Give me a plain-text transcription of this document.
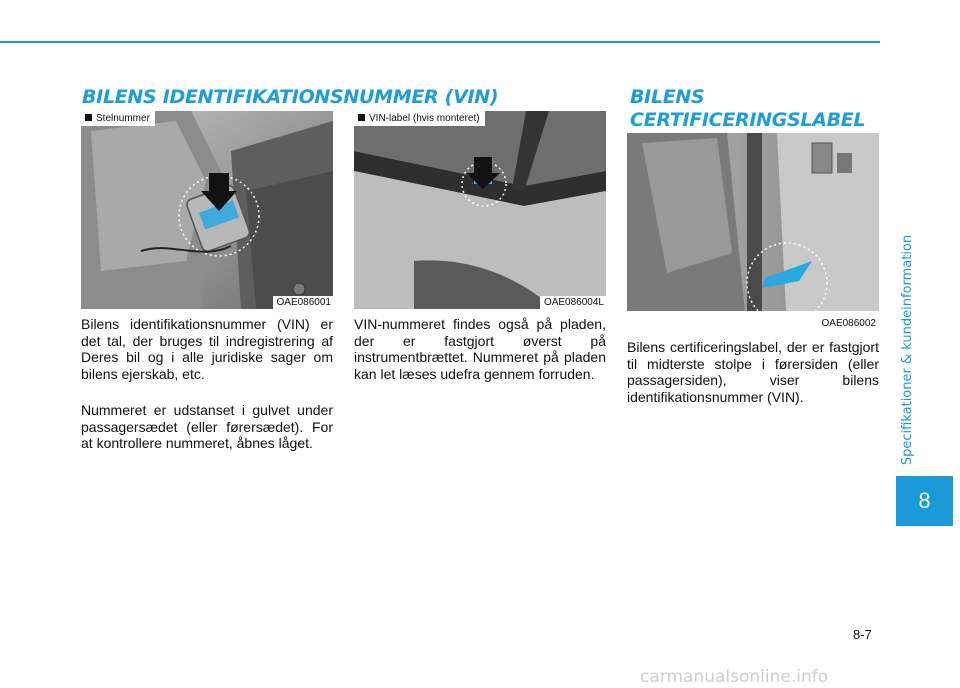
BILENS IDENTIFIKATIONSNUMMER (VIN)
Stelnummer
OAE086001
VIN-label (hvis monteret)
OAE086004L

Bilens identifikationsnummer (VIN) er det tal, der bruges til indregistrering af Deres bil og i alle juridiske sager om bilens ejerskab, etc.

Nummeret er udstanset i gulvet under passagersædet (eller førersædet). For at kontrollere nummeret, åbnes låget.

VIN-nummeret findes også på pladen, der er fastgjort øverst på instrumentbrættet. Nummeret på pladen kan let læses udefra gennem forruden.

BILENS
CERTIFICERINGSLABEL
OAE086002

Bilens certificeringslabel, der er fastgjort til midterste stolpe i førersiden (eller passagersiden), viser bilens identifikationsnummer (VIN).	Specifikationer & kundeinformation
8
8-7
carmanualsonline.info
